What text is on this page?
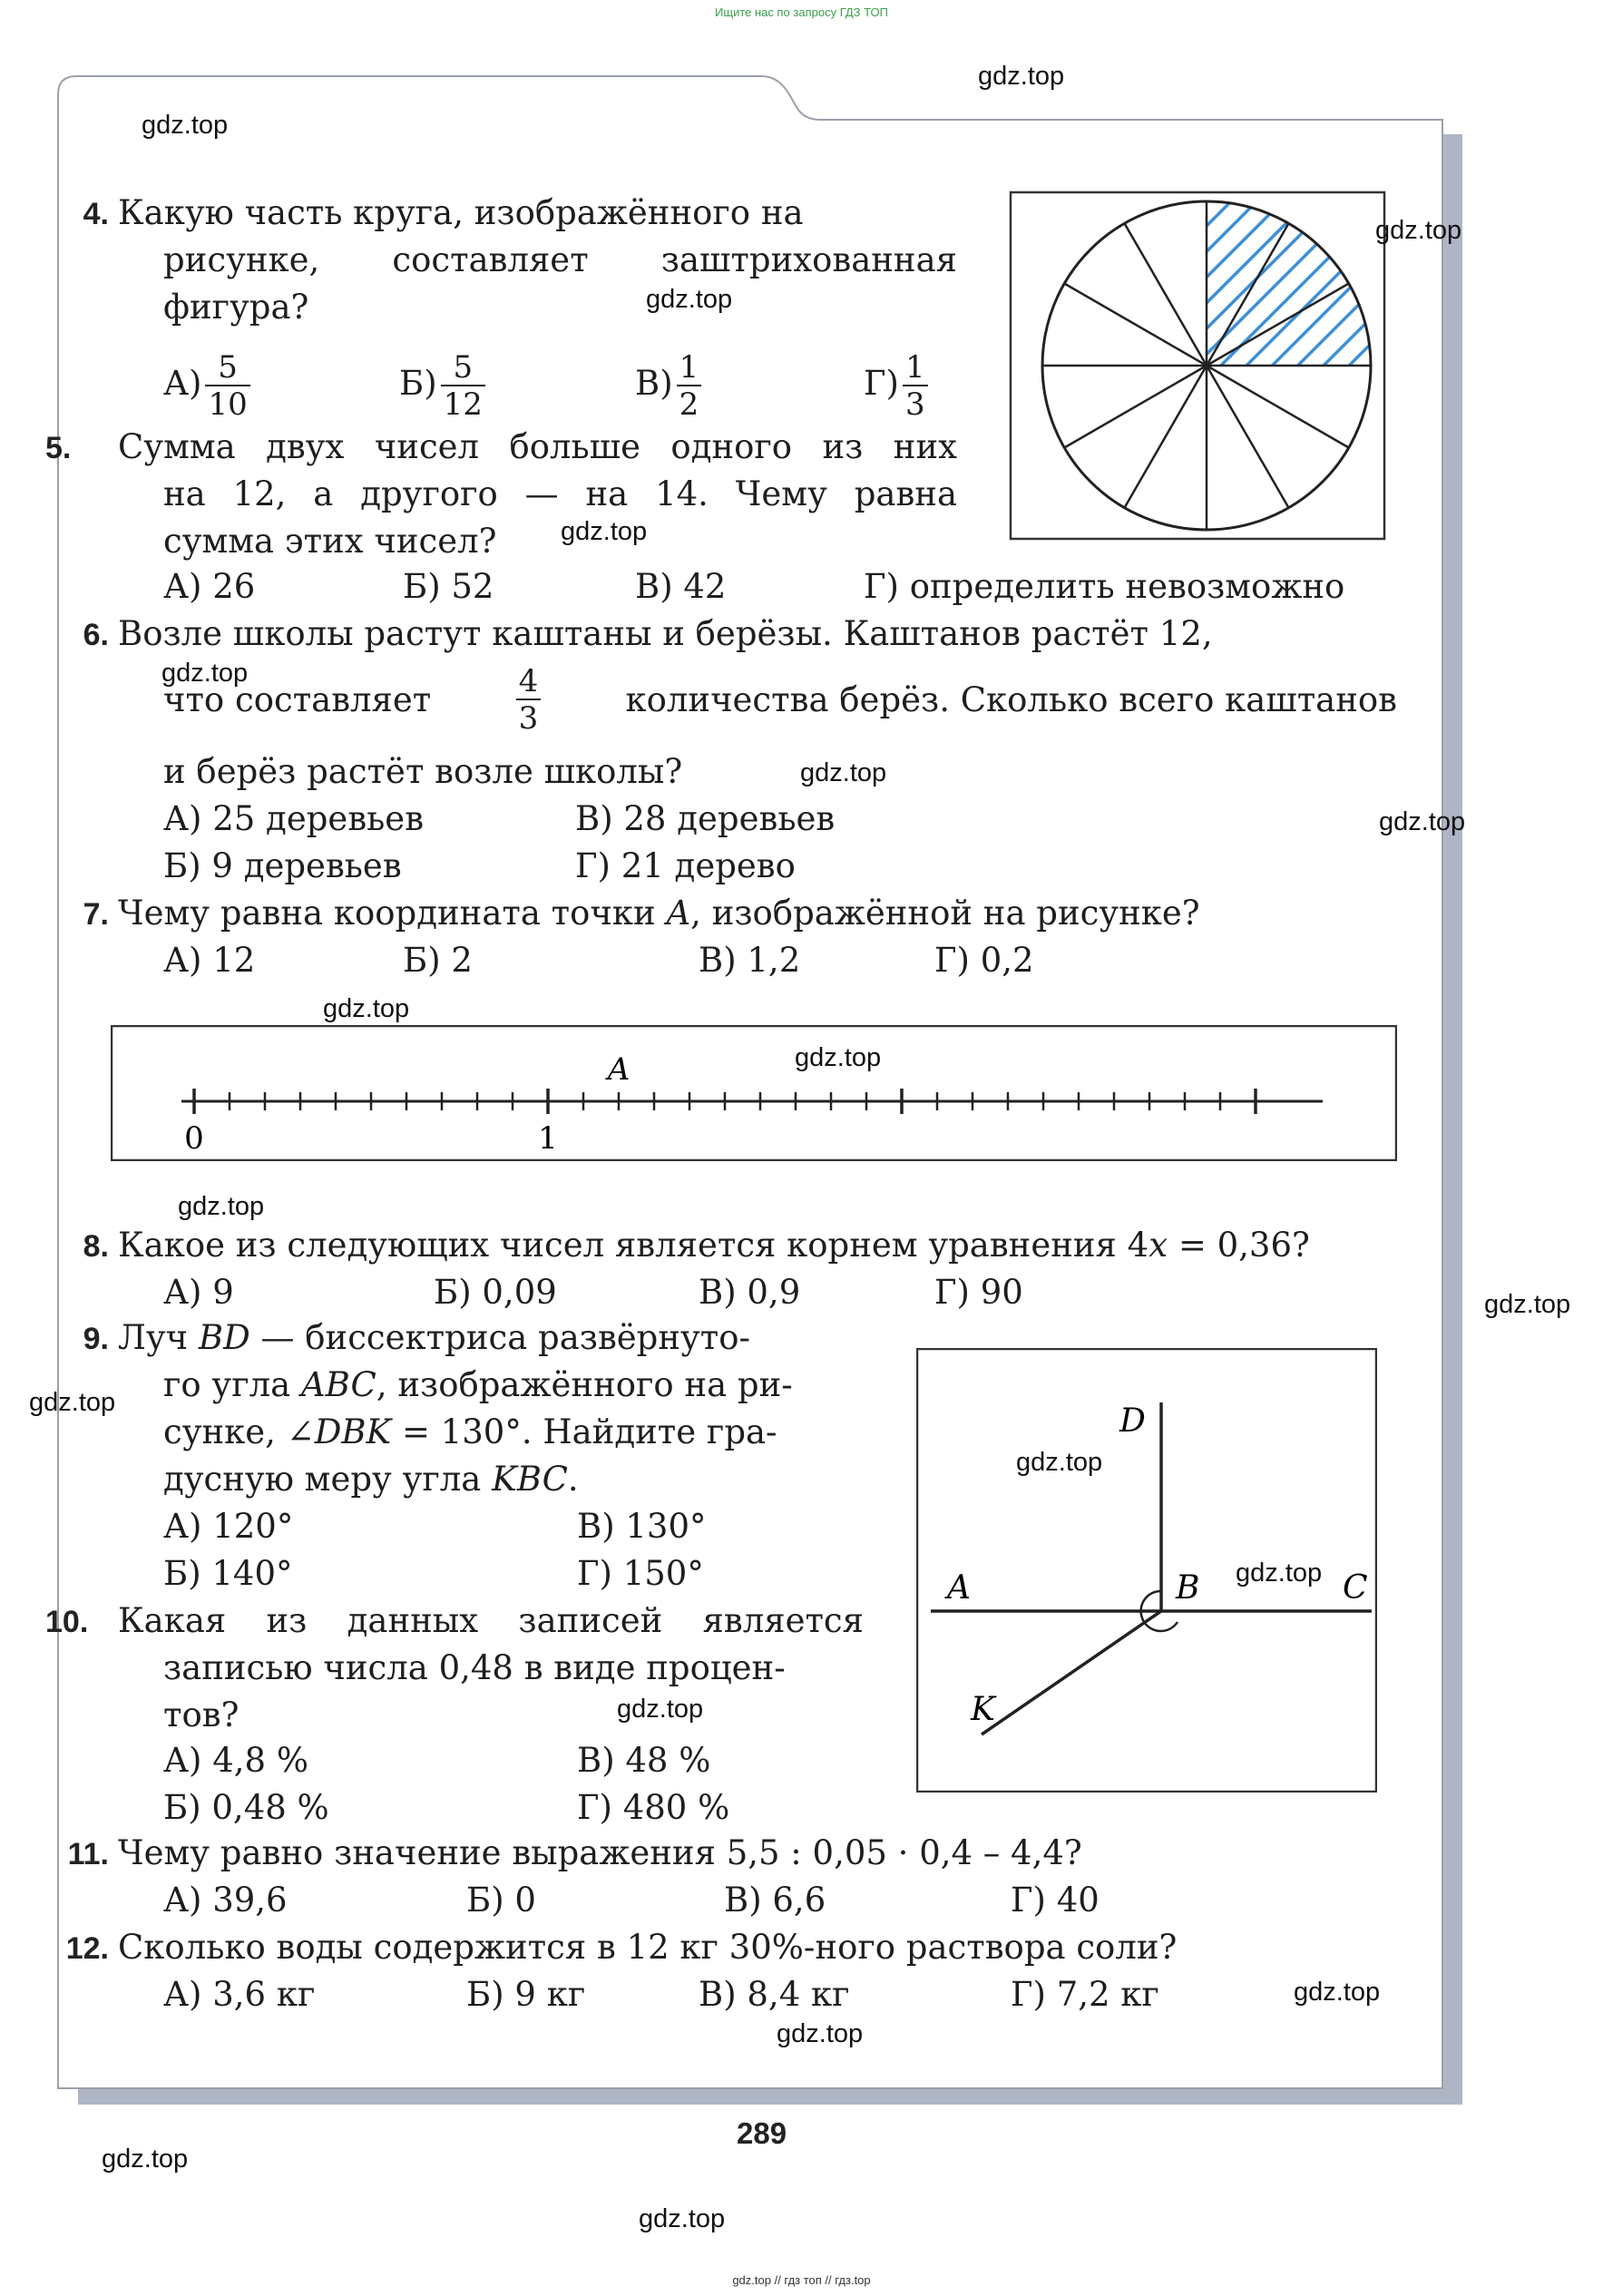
Ищите нас по запросу ГДЗ ТОП
4. Какую часть круга, изображённого на
рисунке, составляет заштрихованная
фигура?
$А) \frac{5}{10}$	$Б) \frac{5}{12}$	$В) \frac{1}{2}$	$Г) \frac{1}{3}$
5. Сумма двух чисел больше одного из них
на 12, а другого — на 14. Чему равна
сумма этих чисел?
А) 26	Б) 52	В) 42	Г) определить невозможно
6. Возле школы растут каштаны и берёзы. Каштанов растёт 12,
что составляет	$\frac{4}{3}$	количества берёз. Сколько всего каштанов
и берёз растёт возле школы?
А) 25 деревьев	В) 28 деревьев
Б) 9 деревьев	Г) 21 дерево
7. Чему равна координата точки A, изображённой на рисунке?
А) 12	Б) 2	В) 1,2	Г) 0,2
0	1
A
8. Какое из следующих чисел является корнем уравнения 4x = 0,36?
А) 9	Б) 0,09	В) 0,9	Г) 90
9. Луч BD — биссектриса развёрнуто-
го угла ABC, изображённого на ри-
сунке, ∠DBK = 130°. Найдите гра-
дусную меру угла KBC.
А) 120°	В) 130°
Б) 140°	Г) 150°	A	B	C
D
K
10. Какая из данных записей является
записью числа 0,48 в виде процен-
тов?
А) 4,8 %	В) 48 %
Б) 0,48 %	Г) 480 %
11. Чему равно значение выражения 5,5 : 0,05 · 0,4 – 4,4?
А) 39,6	Б) 0	В) 6,6	Г) 40
12. Сколько воды содержится в 12 кг 30%-ного раствора соли?
А) 3,6 кг	Б) 9 кг	В) 8,4 кг	Г) 7,2 кг
289
gdz.top
gdz.top
gdz.top
gdz.top
gdz.top
gdz.top
gdz.top
gdz.top
gdz.top
gdz.top
gdz.top
gdz.top
gdz.top
gdz.top
gdz.top
gdz.top
gdz.top
gdz.top
gdz.top
gdz.top
gdz.top // гдз топ // гдз.top
